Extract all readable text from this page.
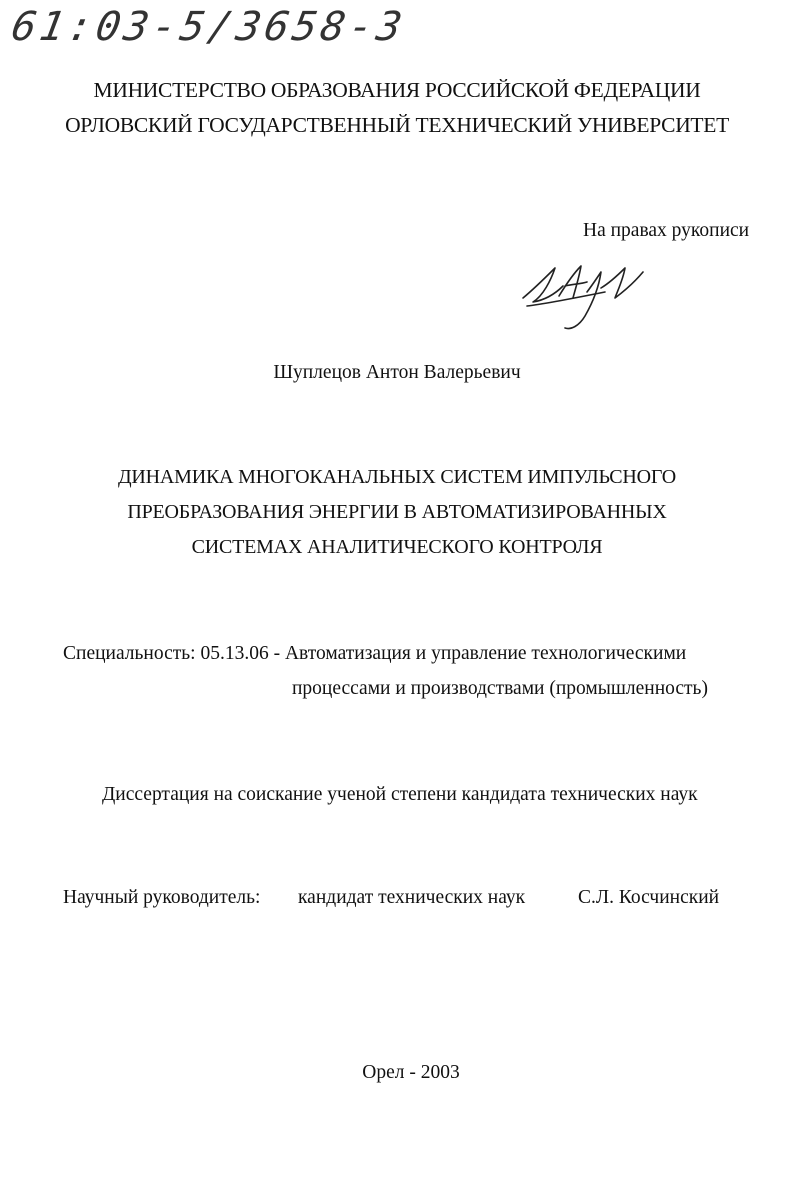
61:03-5/3658-3
МИНИСТЕРСТВО ОБРАЗОВАНИЯ РОССИЙСКОЙ ФЕДЕРАЦИИ
ОРЛОВСКИЙ ГОСУДАРСТВЕННЫЙ ТЕХНИЧЕСКИЙ УНИВЕРСИТЕТ
На правах рукописи
Шуплецов Антон Валерьевич
ДИНАМИКА МНОГОКАНАЛЬНЫХ СИСТЕМ ИМПУЛЬСНОГО
ПРЕОБРАЗОВАНИЯ ЭНЕРГИИ В АВТОМАТИЗИРОВАННЫХ
СИСТЕМАХ АНАЛИТИЧЕСКОГО КОНТРОЛЯ
Специальность: 05.13.06 - Автоматизация и управление технологическими
процессами и производствами (промышленность)
Диссертация на соискание ученой степени кандидата технических наук
Научный руководитель: кандидат технических наук	С.Л. Косчинский
Орел - 2003
